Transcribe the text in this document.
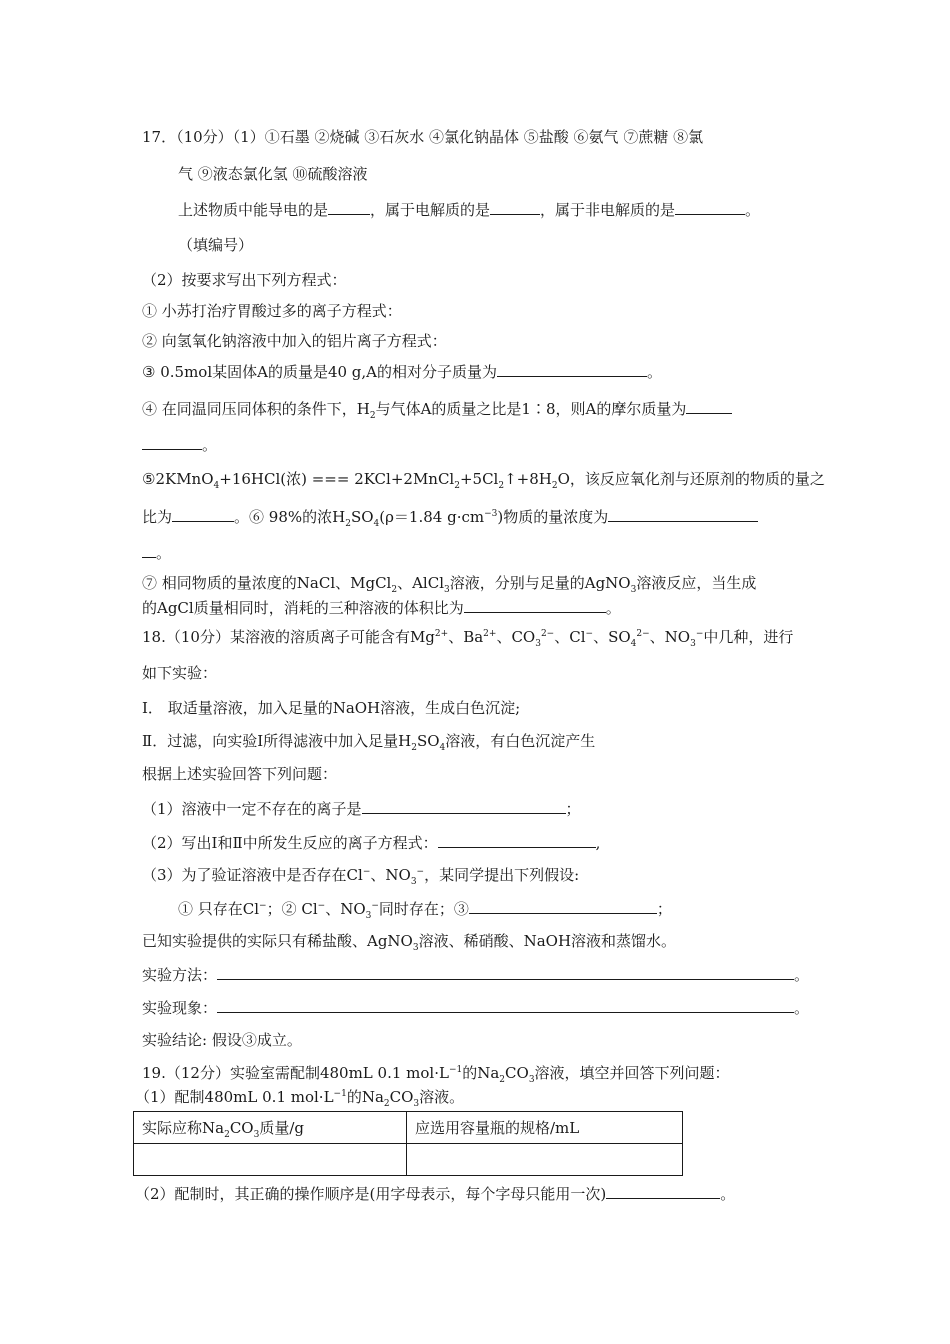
17．（10分）（1）①石墨 ②烧碱 ③石灰水 ④氯化钠晶体 ⑤盐酸 ⑥氨气 ⑦蔗糖 ⑧氯
气 ⑨液态氯化氢 ⑩硫酸溶液
上述物质中能导电的是	，属于电解质的是	，属于非电解质的是	。
（填编号）
（2）按要求写出下列方程式：
① 小苏打治疗胃酸过多的离子方程式：
② 向氢氧化钠溶液中加入的铝片离子方程式：
③ 0.5mol某固体A的质量是40 g,A的相对分子质量为	。
④ 在同温同压同体积的条件下，$H_2$与气体A的质量之比是1∶8，则A的摩尔质量为
。
⑤2KMnO$_4$+16HCl(浓) === $2KCl+2MnCl_2+5Cl_2↑+8H_2O$，该反应氧化剂与还原剂的物质的量之
比为	。⑥ 98%的浓$H_2SO_4(\rho=1.84$ $g\cdot cm^{-3}$)物质的量浓度为
。
⑦ 相同物质的量浓度的NaCl、MgCl$_2$、AlCl$_3$溶液，分别与足量的AgNO$_3$溶液反应，当生成
的AgCl质量相同时，消耗的三种溶液的体积比为	。
18.（10分）某溶液的溶质离子可能含有$Mg^{2+}$、$Ba^{2+}$、$CO_3^{2-}$、Cl−、$SO_4^{2-}$、$NO_3^-$中几种，进行
如下实验：
Ⅰ． 取适量溶液，加入足量的NaOH溶液，生成白色沉淀;
Ⅱ．过滤，向实验Ⅰ所得滤液中加入足量$H_2SO_4$溶液，有白色沉淀产生
根据上述实验回答下列问题：
（1）溶液中一定不存在的离子是	；
（2）写出Ⅰ和Ⅱ中所发生反应的离子方程式：	,
（3）为了验证溶液中是否存在Cl−、$NO_3^-$，某同学提出下列假设:
① 只存在Cl−；② Cl−、$NO_3^-$同时存在；③	；
已知实验提供的实际只有稀盐酸、AgNO$_3$溶液、稀硝酸、NaOH溶液和蒸馏水。
实验方法：	。
实验现象：	。
实验结论: 假设③成立。
19.（12分）实验室需配制480mL 0.1 $mol\cdot L^{-1}$的$Na_2CO_3$溶液，填空并回答下列问题：
（1）配制480mL 0.1 $mol\cdot L^{-1}$的$Na_2CO_3$溶液。
实际应称$Na_2CO_3$质量/g	应选用容量瓶的规格/mL

（2）配制时，其正确的操作顺序是(用字母表示，每个字母只能用一次)	。
